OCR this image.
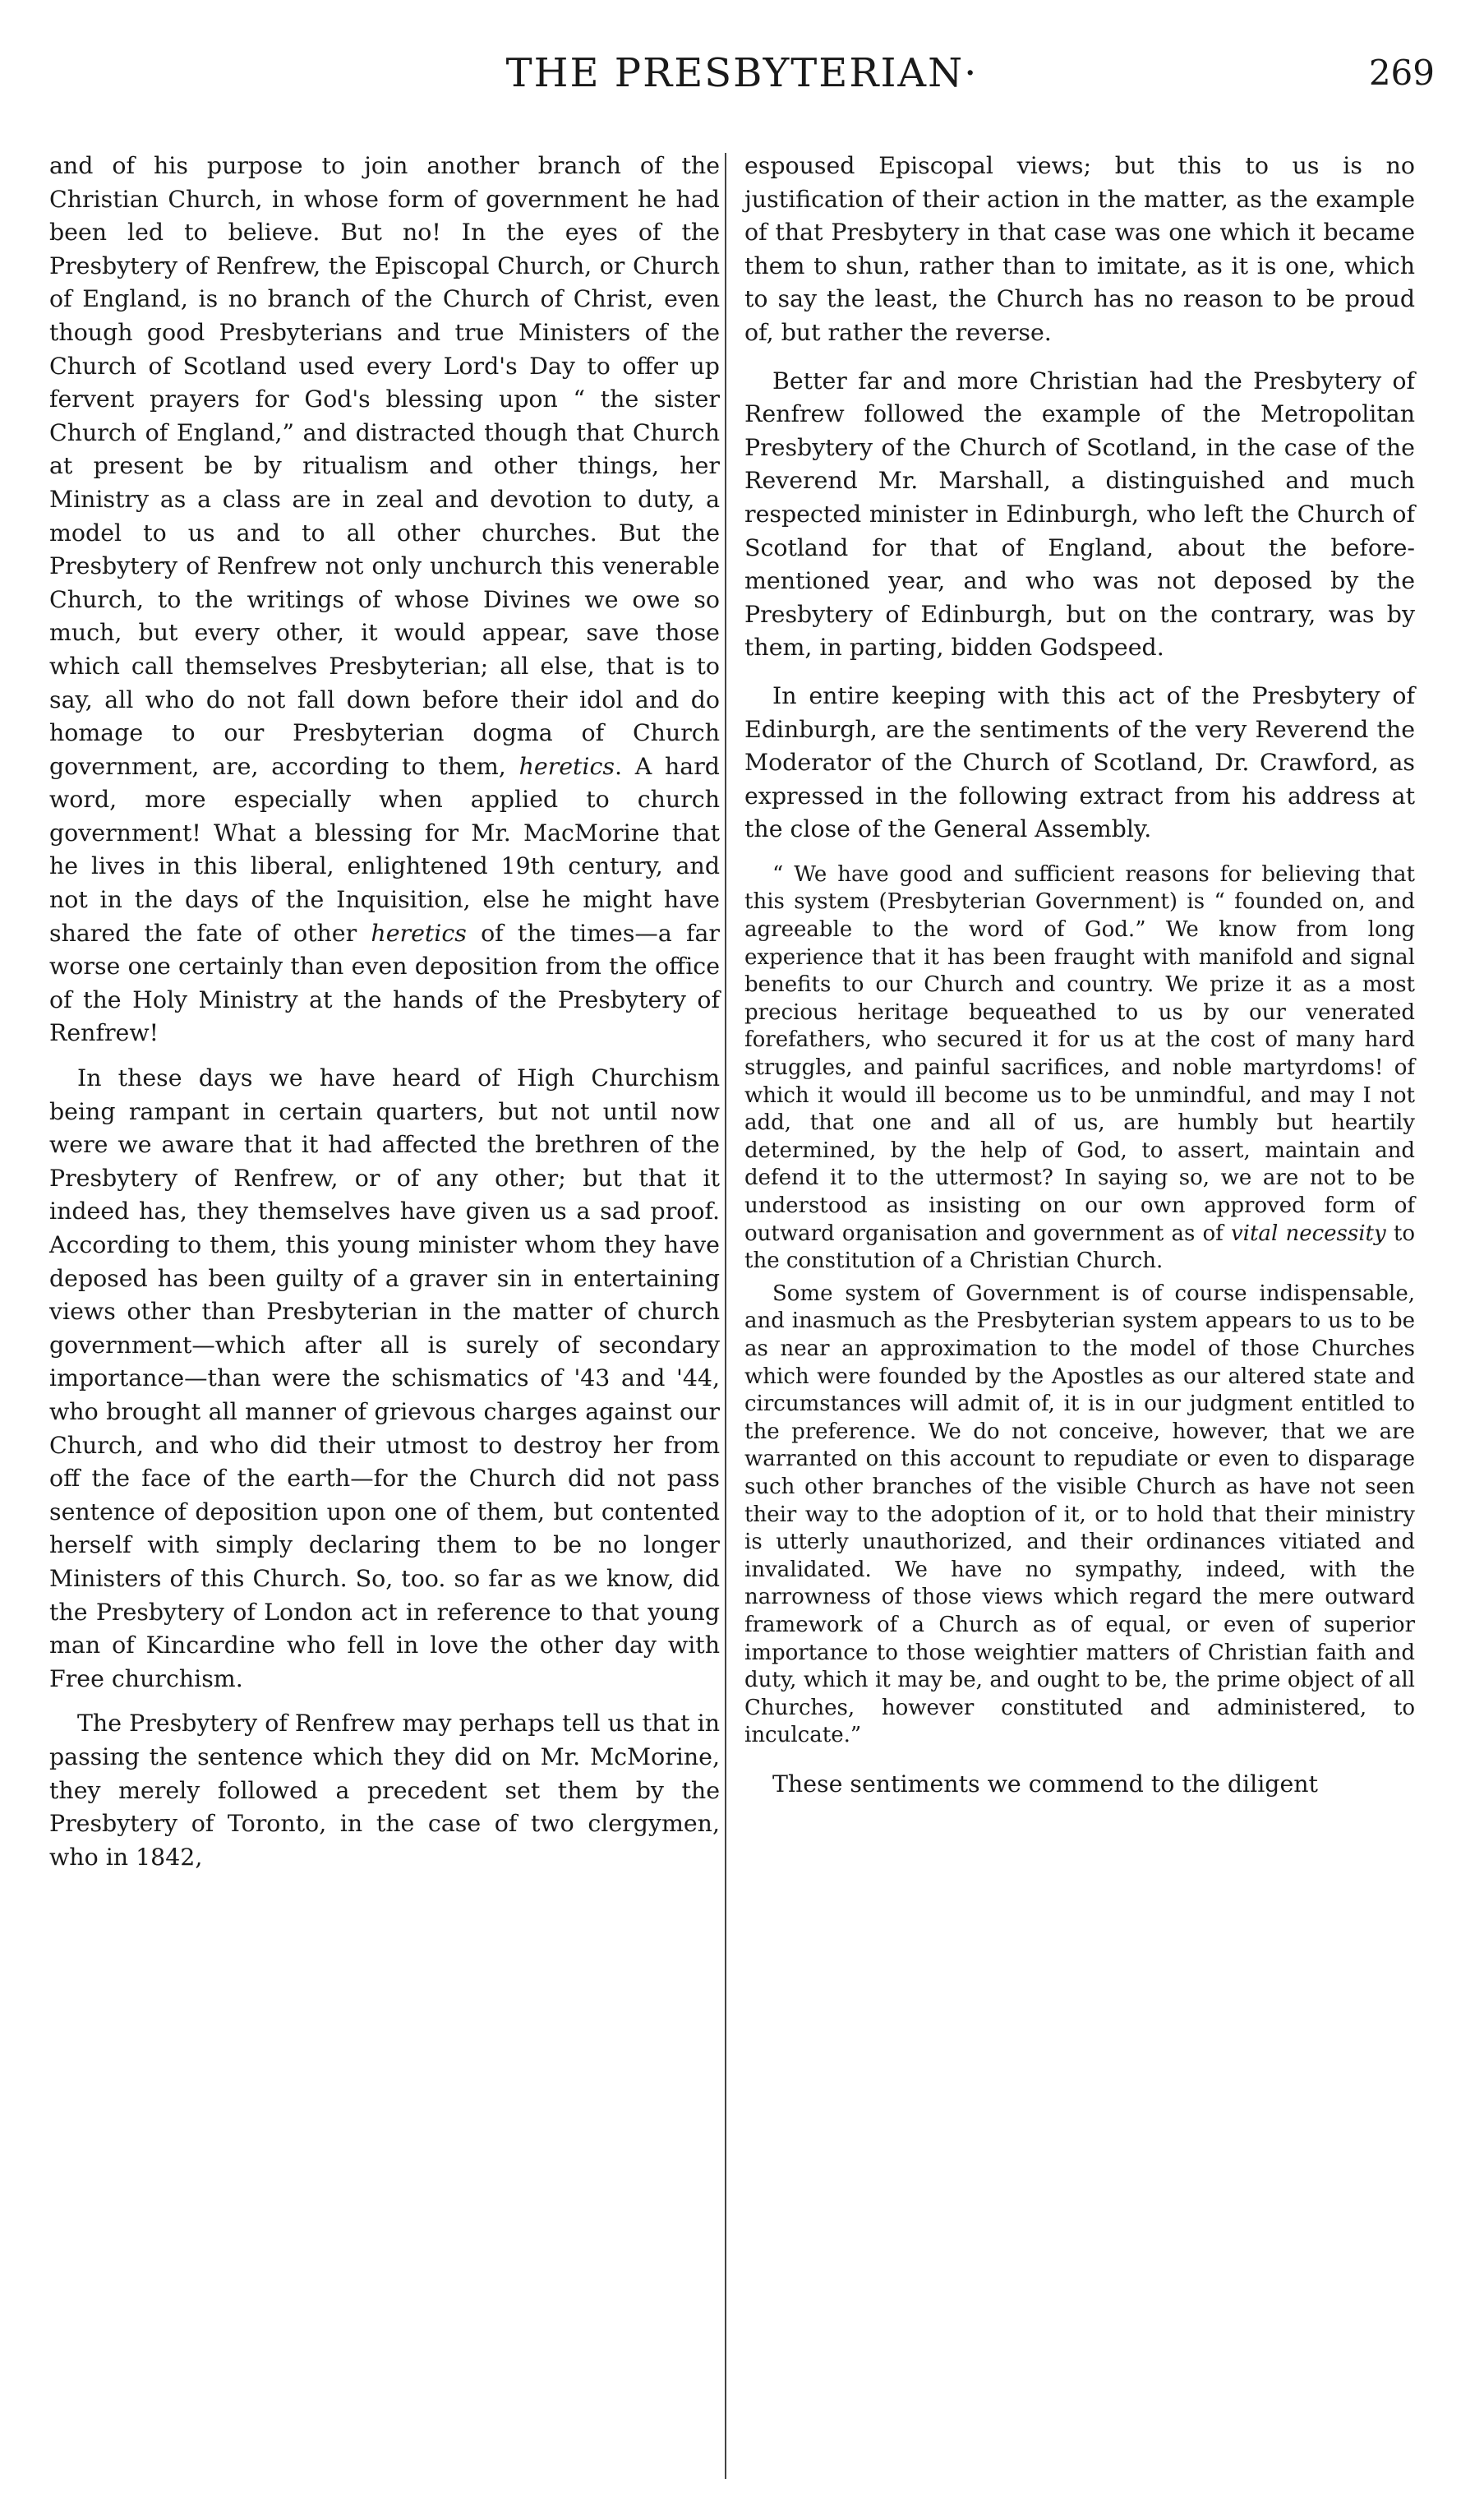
THE PRESBYTERIAN·	269

and of his purpose to join another branch of the Christian Church, in whose form of government he had been led to believe. But no! In the eyes of the Presbytery of Renfrew, the Episcopal Church, or Church of England, is no branch of the Church of Christ, even though good Presbyterians and true Ministers of the Church of Scotland used every Lord's Day to offer up fervent prayers for God's blessing upon “ the sister Church of England,” and distracted though that Church at present be by ritualism and other things, her Ministry as a class are in zeal and devotion to duty, a model to us and to all other churches. But the Presbytery of Renfrew not only unchurch this venerable Church, to the writings of whose Divines we owe so much, but every other, it would appear, save those which call themselves Presbyterian; all else, that is to say, all who do not fall down before their idol and do homage to our Presbyterian dogma of Church government, are, according to them, heretics. A hard word, more especially when applied to church government! What a blessing for Mr. MacMorine that he lives in this liberal, enlightened 19th century, and not in the days of the Inquisition, else he might have shared the fate of other heretics of the times—a far worse one certainly than even deposition from the office of the Holy Ministry at the hands of the Presbytery of Renfrew!

In these days we have heard of High Churchism being rampant in certain quarters, but not until now were we aware that it had affected the brethren of the Presbytery of Renfrew, or of any other; but that it indeed has, they themselves have given us a sad proof. According to them, this young minister whom they have deposed has been guilty of a graver sin in entertaining views other than Presbyterian in the matter of church government—which after all is surely of secondary importance—than were the schismatics of '43 and '44, who brought all manner of grievous charges against our Church, and who did their utmost to destroy her from off the face of the earth—for the Church did not pass sentence of deposition upon one of them, but contented herself with simply declaring them to be no longer Ministers of this Church. So, too. so far as we know, did the Presbytery of London act in reference to that young man of Kincardine who fell in love the other day with Free churchism.

The Presbytery of Renfrew may perhaps tell us that in passing the sentence which they did on Mr. McMorine, they merely followed a precedent set them by the Presbytery of Toronto, in the case of two clergymen, who in 1842,

espoused Episcopal views; but this to us is no justification of their action in the matter, as the example of that Presbytery in that case was one which it became them to shun, rather than to imitate, as it is one, which to say the least, the Church has no reason to be proud of, but rather the reverse.

Better far and more Christian had the Presbytery of Renfrew followed the example of the Metropolitan Presbytery of the Church of Scotland, in the case of the Reverend Mr. Marshall, a distinguished and much respected minister in Edinburgh, who left the Church of Scotland for that of England, about the before-mentioned year, and who was not deposed by the Presbytery of Edinburgh, but on the contrary, was by them, in parting, bidden Godspeed.

In entire keeping with this act of the Presbytery of Edinburgh, are the sentiments of the very Reverend the Moderator of the Church of Scotland, Dr. Crawford, as expressed in the following extract from his address at the close of the General Assembly.

“ We have good and sufficient reasons for believing that this system (Presbyterian Government) is “ founded on, and agreeable to the word of God.” We know from long experience that it has been fraught with manifold and signal benefits to our Church and country. We prize it as a most precious heritage bequeathed to us by our venerated forefathers, who secured it for us at the cost of many hard struggles, and painful sacrifices, and noble martyrdoms! of which it would ill become us to be unmindful, and may I not add, that one and all of us, are humbly but heartily determined, by the help of God, to assert, maintain and defend it to the uttermost? In saying so, we are not to be understood as insisting on our own approved form of outward organisation and government as of vital necessity to the constitution of a Christian Church.

Some system of Government is of course indispensable, and inasmuch as the Presbyterian system appears to us to be as near an approximation to the model of those Churches which were founded by the Apostles as our altered state and circumstances will admit of, it is in our judgment entitled to the preference. We do not conceive, however, that we are warranted on this account to repudiate or even to disparage such other branches of the visible Church as have not seen their way to the adoption of it, or to hold that their ministry is utterly unauthorized, and their ordinances vitiated and invalidated. We have no sympathy, indeed, with the narrowness of those views which regard the mere outward framework of a Church as of equal, or even of superior importance to those weightier matters of Christian faith and duty, which it may be, and ought to be, the prime object of all Churches, however constituted and administered, to inculcate.”

These sentiments we commend to the diligent
